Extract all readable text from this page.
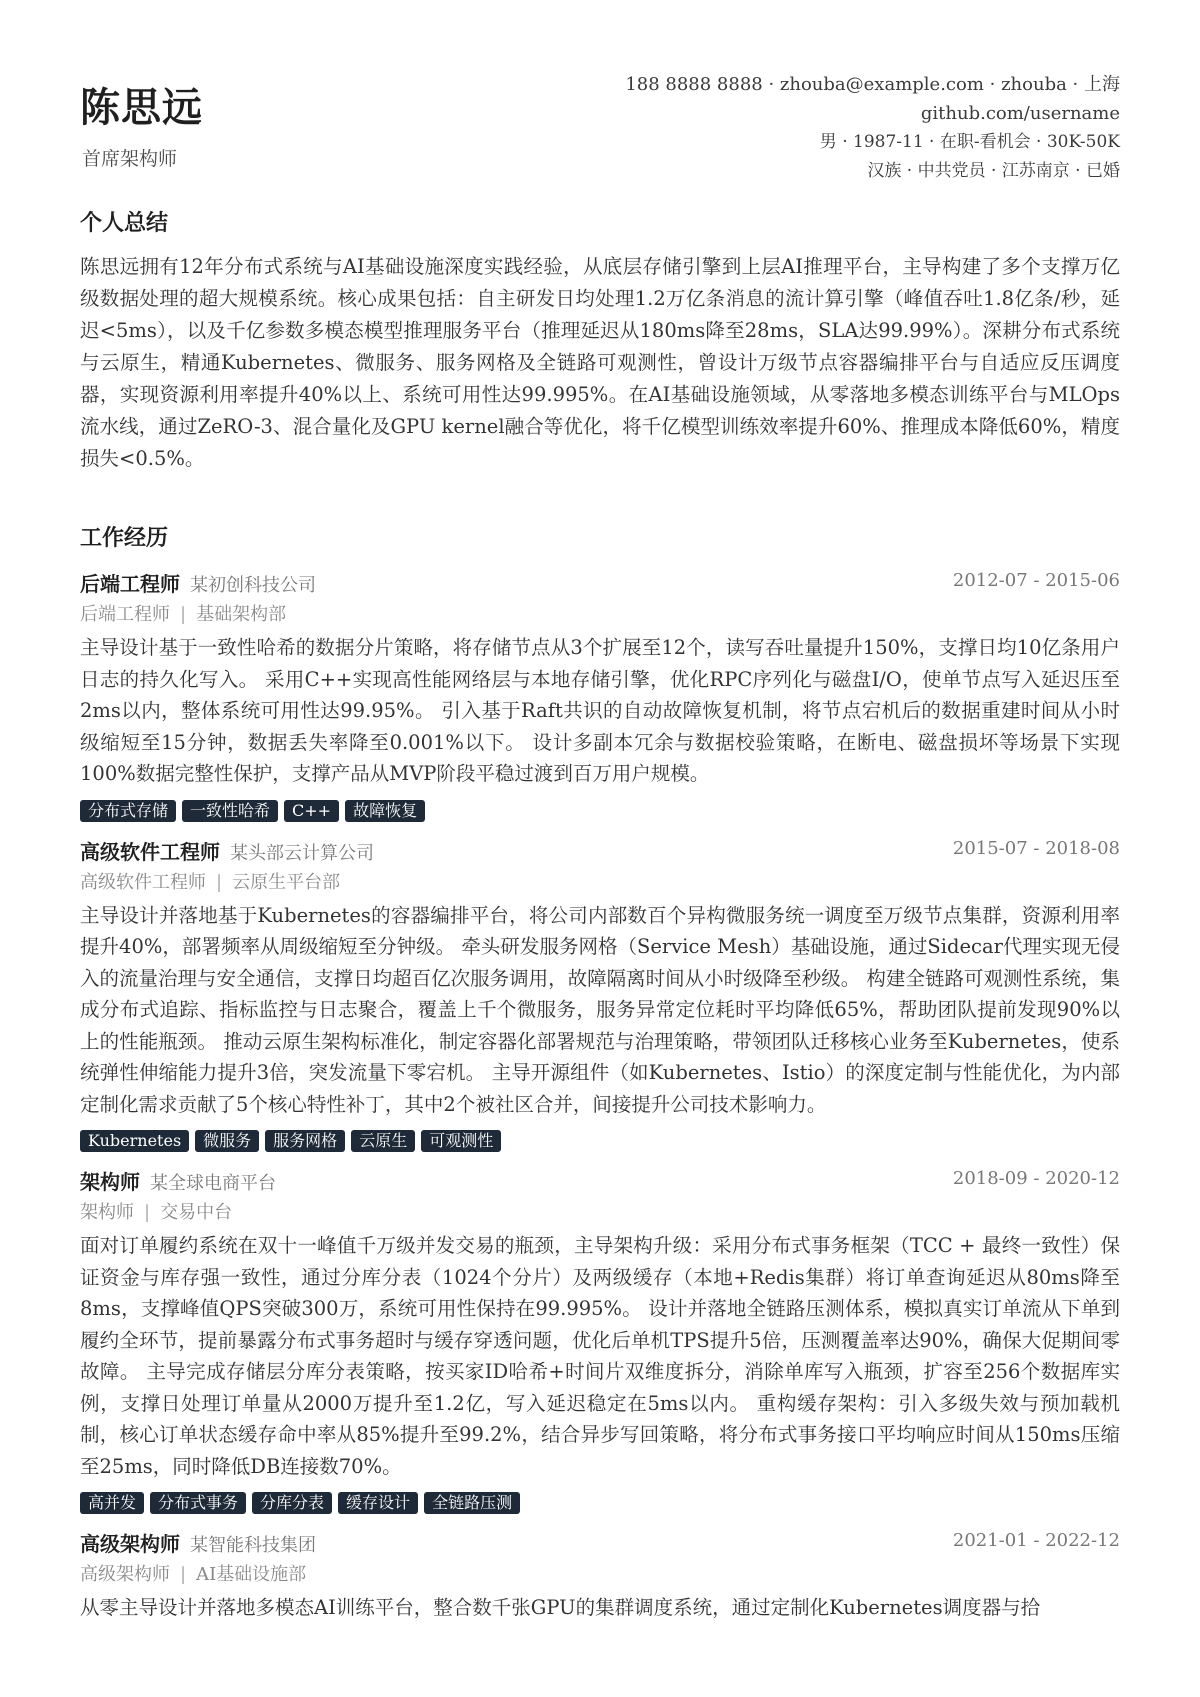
陈思远
首席架构师
188 8888 8888 · zhouba@example.com · zhouba · 上海
github.com/username
男 · 1987-11 · 在职-看机会 · 30K-50K
汉族 · 中共党员 · 江苏南京 · 已婚
个人总结

陈思远拥有12年分布式系统与AI基础设施深度实践经验，从底层存储引擎到上层AI推理平台，主导构建了多个支撑万亿级数据处理的超大规模系统。核心成果包括：自主研发日均处理1.2万亿条消息的流计算引擎（峰值吞吐1.8亿条/秒，延迟<5ms），以及千亿参数多模态模型推理服务平台（推理延迟从180ms降至28ms，SLA达99.99%）。深耕分布式系统与云原生，精通Kubernetes、微服务、服务网格及全链路可观测性，曾设计万级节点容器编排平台与自适应反压调度器，实现资源利用率提升40%以上、系统可用性达99.995%。在AI基础设施领域，从零落地多模态训练平台与MLOps流水线，通过ZeRO-3、混合量化及GPU kernel融合等优化，将千亿模型训练效率提升60%、推理成本降低60%，精度损失<0.5%。

工作经历
后端工程师 某初创科技公司	2012-07 - 2015-06
后端工程师 | 基础架构部

主导设计基于一致性哈希的数据分片策略，将存储节点从3个扩展至12个，读写吞吐量提升150%，支撑日均10亿条用户日志的持久化写入。 采用C++实现高性能网络层与本地存储引擎，优化RPC序列化与磁盘I/O，使单节点写入延迟压至2ms以内，整体系统可用性达99.95%。 引入基于Raft共识的自动故障恢复机制，将节点宕机后的数据重建时间从小时级缩短至15分钟，数据丢失率降至0.001%以下。 设计多副本冗余与数据校验策略，在断电、磁盘损坏等场景下实现100%数据完整性保护，支撑产品从MVP阶段平稳过渡到百万用户规模。

分布式存储	一致性哈希	C++	故障恢复
高级软件工程师 某头部云计算公司	2015-07 - 2018-08
高级软件工程师 | 云原生平台部

主导设计并落地基于Kubernetes的容器编排平台，将公司内部数百个异构微服务统一调度至万级节点集群，资源利用率提升40%，部署频率从周级缩短至分钟级。 牵头研发服务网格（Service Mesh）基础设施，通过Sidecar代理实现无侵入的流量治理与安全通信，支撑日均超百亿次服务调用，故障隔离时间从小时级降至秒级。 构建全链路可观测性系统，集成分布式追踪、指标监控与日志聚合，覆盖上千个微服务，服务异常定位耗时平均降低65%，帮助团队提前发现90%以上的性能瓶颈。 推动云原生架构标准化，制定容器化部署规范与治理策略，带领团队迁移核心业务至Kubernetes，使系统弹性伸缩能力提升3倍，突发流量下零宕机。 主导开源组件（如Kubernetes、Istio）的深度定制与性能优化，为内部定制化需求贡献了5个核心特性补丁，其中2个被社区合并，间接提升公司技术影响力。

Kubernetes	微服务	服务网格	云原生	可观测性
架构师 某全球电商平台	2018-09 - 2020-12
架构师 | 交易中台

面对订单履约系统在双十一峰值千万级并发交易的瓶颈，主导架构升级：采用分布式事务框架（TCC + 最终一致性）保证资金与库存强一致性，通过分库分表（1024个分片）及两级缓存（本地+Redis集群）将订单查询延迟从80ms降至8ms，支撑峰值QPS突破300万，系统可用性保持在99.995%。 设计并落地全链路压测体系，模拟真实订单流从下单到履约全环节，提前暴露分布式事务超时与缓存穿透问题，优化后单机TPS提升5倍，压测覆盖率达90%，确保大促期间零故障。 主导完成存储层分库分表策略，按买家ID哈希+时间片双维度拆分，消除单库写入瓶颈，扩容至256个数据库实例，支撑日处理订单量从2000万提升至1.2亿，写入延迟稳定在5ms以内。 重构缓存架构：引入多级失效与预加载机制，核心订单状态缓存命中率从85%提升至99.2%，结合异步写回策略，将分布式事务接口平均响应时间从150ms压缩至25ms，同时降低DB连接数70%。

高并发	分布式事务	分库分表	缓存设计	全链路压测
高级架构师 某智能科技集团	2021-01 - 2022-12
高级架构师 | AI基础设施部

从零主导设计并落地多模态AI训练平台，整合数千张GPU的集群调度系统，通过定制化Kubernetes调度器与拾
